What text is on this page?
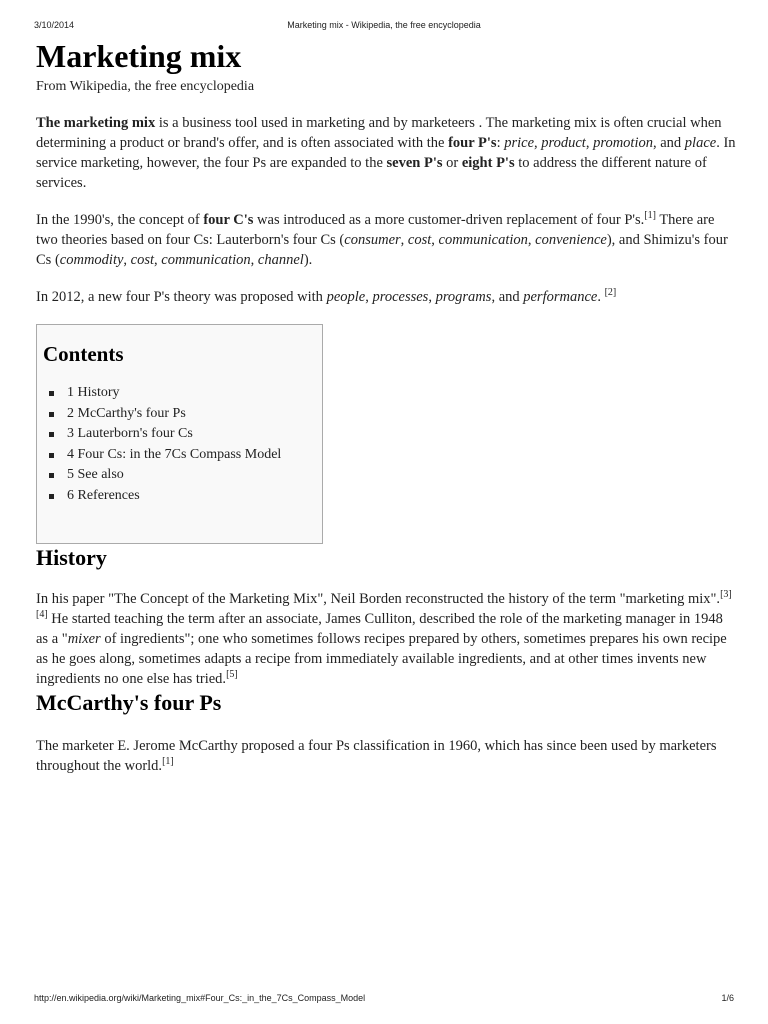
3/10/2014	Marketing mix - Wikipedia, the free encyclopedia
Marketing mix
From Wikipedia, the free encyclopedia

The marketing mix is a business tool used in marketing and by marketeers . The marketing mix is often crucial when determining a product or brand's offer, and is often associated with the four P's: price, product, promotion, and place. In service marketing, however, the four Ps are expanded to the seven P's or eight P's to address the different nature of services.

In the 1990's, the concept of four C's was introduced as a more customer-driven replacement of four P's.[1] There are two theories based on four Cs: Lauterborn's four Cs (consumer, cost, communication, convenience), and Shimizu's four Cs (commodity, cost, communication, channel).

In 2012, a new four P's theory was proposed with people, processes, programs, and performance. [2]

Contents
1 History
2 McCarthy's four Ps
3 Lauterborn's four Cs
4 Four Cs: in the 7Cs Compass Model
5 See also
6 References
History

In his paper "The Concept of the Marketing Mix", Neil Borden reconstructed the history of the term "marketing mix".[3][4] He started teaching the term after an associate, James Culliton, described the role of the marketing manager in 1948 as a "mixer of ingredients"; one who sometimes follows recipes prepared by others, sometimes prepares his own recipe as he goes along, sometimes adapts a recipe from immediately available ingredients, and at other times invents new ingredients no one else has tried.[5]

McCarthy's four Ps

The marketer E. Jerome McCarthy proposed a four Ps classification in 1960, which has since been used by marketers throughout the world.[1]

http://en.wikipedia.org/wiki/Marketing_mix#Four_Cs:_in_the_7Cs_Compass_Model	1/6
